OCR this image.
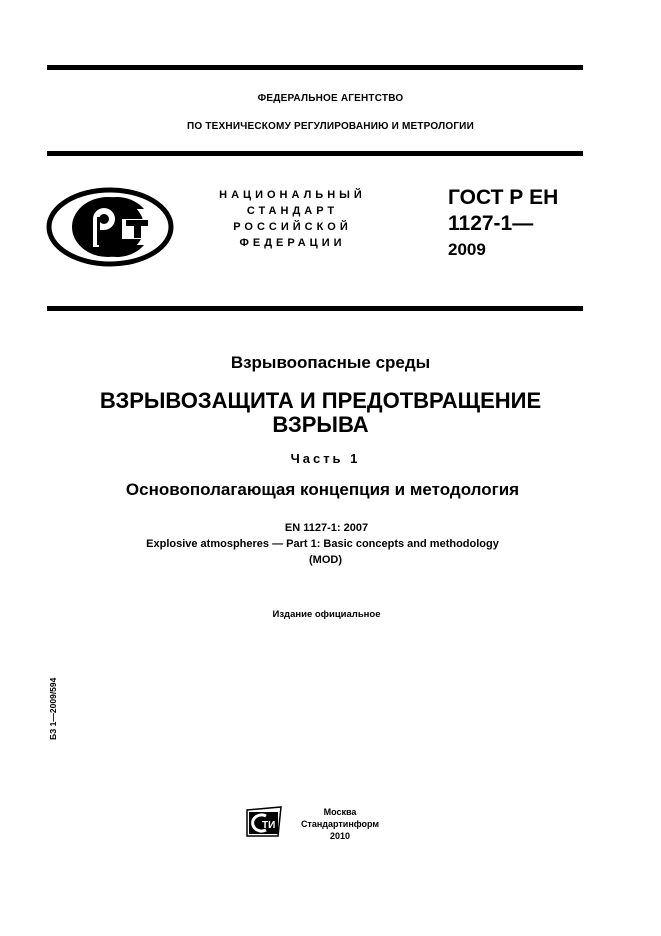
ФЕДЕРАЛЬНОЕ АГЕНТСТВО
ПО ТЕХНИЧЕСКОМУ РЕГУЛИРОВАНИЮ И МЕТРОЛОГИИ
НАЦИОНАЛЬНЫЙ
СТАНДАРТ
РОССИЙСКОЙ
ФЕДЕРАЦИИ
ГОСТ Р ЕН
1127-1—
2009
Взрывоопасные среды
ВЗРЫВОЗАЩИТА И ПРЕДОТВРАЩЕНИЕ
ВЗРЫВА
Часть 1
Основополагающая концепция и методология
EN 1127-1: 2007
Explosive atmospheres — Part 1: Basic concepts and methodology
(MOD)
Издание официальное
БЗ 1—2009/594
ТИ
Москва
Стандартинформ
2010
